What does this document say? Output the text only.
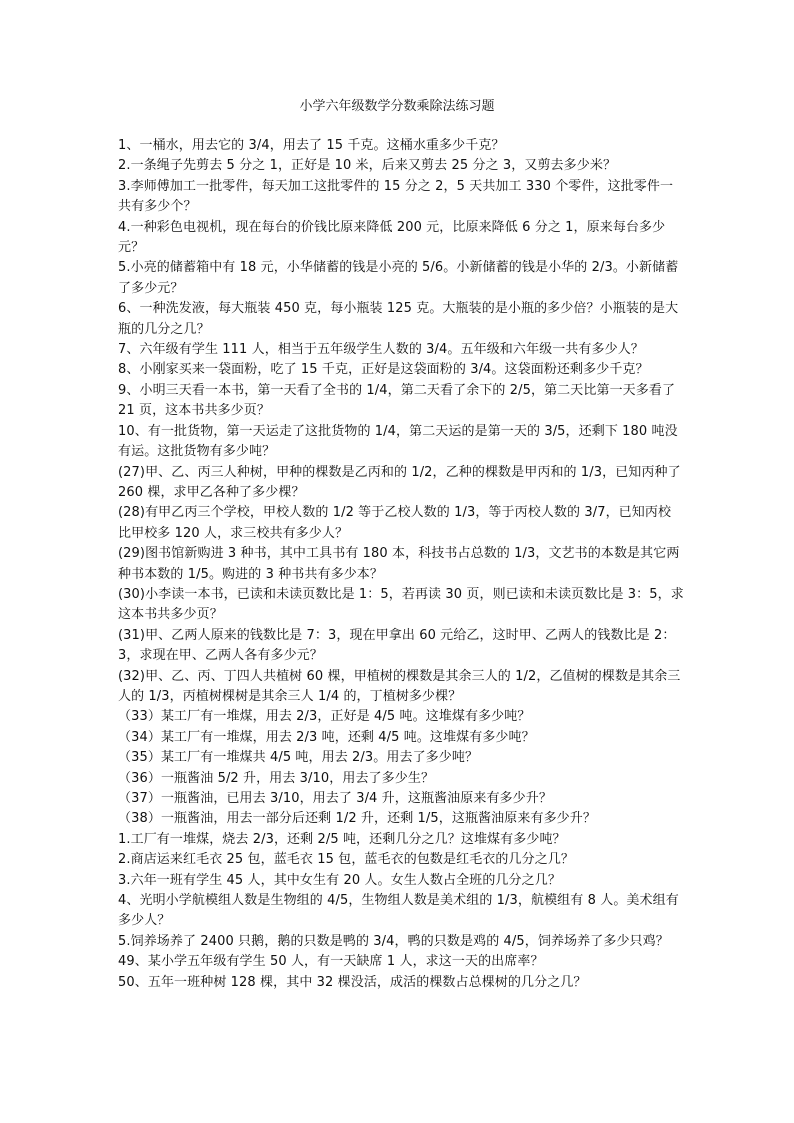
小学六年级数学分数乘除法练习题
1、一桶水，用去它的 3/4，用去了 15 千克。这桶水重多少千克？
2.一条绳子先剪去 5 分之 1，正好是 10 米，后来又剪去 25 分之 3，又剪去多少米？
3.李师傅加工一批零件，每天加工这批零件的 15 分之 2，5 天共加工 330 个零件，这批零件一共有多少个？
4.一种彩色电视机，现在每台的价钱比原来降低 200 元，比原来降低 6 分之 1，原来每台多少元？
5.小亮的储蓄箱中有 18 元，小华储蓄的钱是小亮的 5/6。小新储蓄的钱是小华的 2/3。小新储蓄了多少元？
6、一种洗发液，每大瓶装 450 克，每小瓶装 125 克。大瓶装的是小瓶的多少倍？小瓶装的是大瓶的几分之几？
7、六年级有学生 111 人，相当于五年级学生人数的 3/4。五年级和六年级一共有多少人？
8、小刚家买来一袋面粉，吃了 15 千克，正好是这袋面粉的 3/4。这袋面粉还剩多少千克？
9、小明三天看一本书，第一天看了全书的 1/4，第二天看了余下的 2/5，第二天比第一天多看了 21 页，这本书共多少页？
10、有一批货物，第一天运走了这批货物的 1/4，第二天运的是第一天的 3/5，还剩下 180 吨没有运。这批货物有多少吨？
(27)甲、乙、丙三人种树，甲种的棵数是乙丙和的 1/2，乙种的棵数是甲丙和的 1/3，已知丙种了 260 棵，求甲乙各种了多少棵？
(28)有甲乙丙三个学校，甲校人数的 1/2 等于乙校人数的 1/3，等于丙校人数的 3/7，已知丙校比甲校多 120 人，求三校共有多少人？
(29)图书馆新购进 3 种书，其中工具书有 180 本，科技书占总数的 1/3，文艺书的本数是其它两种书本数的 1/5。购进的 3 种书共有多少本？
(30)小李读一本书，已读和未读页数比是 1：5，若再读 30 页，则已读和未读页数比是 3：5，求这本书共多少页？
(31)甲、乙两人原来的钱数比是 7：3，现在甲拿出 60 元给乙，这时甲、乙两人的钱数比是 2：3，求现在甲、乙两人各有多少元？
(32)甲、乙、丙、丁四人共植树 60 棵，甲植树的棵数是其余三人的 1/2，乙值树的棵数是其余三人的 1/3，丙植树棵树是其余三人 1/4 的，丁植树多少棵？
（33）某工厂有一堆煤，用去 2/3，正好是 4/5 吨。这堆煤有多少吨？
（34）某工厂有一堆煤，用去 2/3 吨，还剩 4/5 吨。这堆煤有多少吨？
（35）某工厂有一堆煤共 4/5 吨，用去 2/3。用去了多少吨？
（36）一瓶酱油 5/2 升，用去 3/10，用去了多少生？
（37）一瓶酱油，已用去 3/10，用去了 3/4 升，这瓶酱油原来有多少升？
（38）一瓶酱油，用去一部分后还剩 1/2 升，还剩 1/5，这瓶酱油原来有多少升？
1.工厂有一堆煤，烧去 2/3，还剩 2/5 吨，还剩几分之几？这堆煤有多少吨？
2.商店运来红毛衣 25 包，蓝毛衣 15 包，蓝毛衣的包数是红毛衣的几分之几？
3.六年一班有学生 45 人，其中女生有 20 人。女生人数占全班的几分之几？
4、光明小学航模组人数是生物组的 4/5，生物组人数是美术组的 1/3，航模组有 8 人。美术组有多少人？
5.饲养场养了 2400 只鹅，鹅的只数是鸭的 3/4，鸭的只数是鸡的 4/5，饲养场养了多少只鸡？
49、某小学五年级有学生 50 人，有一天缺席 1 人，求这一天的出席率？
50、五年一班种树 128 棵，其中 32 棵没活，成活的棵数占总棵树的几分之几？
